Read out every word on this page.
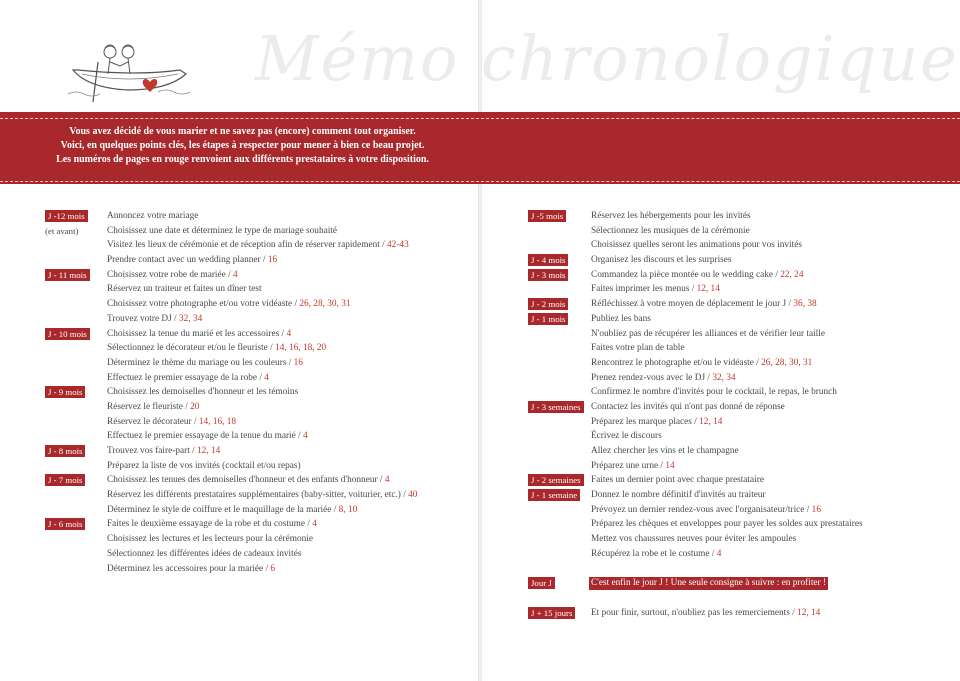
Mémo chronologique
Vous avez décidé de vous marier et ne savez pas (encore) comment tout organiser.
Voici, en quelques points clés, les étapes à respecter pour mener à bien ce beau projet.
Les numéros de pages en rouge renvoient aux différents prestataires à votre disposition.
J -12 mois	Annoncez votre mariage
(et avant)	Choisissez une date et déterminez le type de mariage souhaité
Visitez les lieux de cérémonie et de réception afin de réserver rapidement / 42-43
Prendre contact avec un wedding planner / 16
J - 11 mois	Choisissez votre robe de mariée / 4
Réservez un traiteur et faites un dîner test
Choisissez votre photographe et/ou votre vidéaste / 26, 28, 30, 31
Trouvez votre DJ / 32, 34
J - 10 mois	Choisissez la tenue du marié et les accessoires / 4
Sélectionnez le décorateur et/ou le fleuriste / 14, 16, 18, 20
Déterminez le thème du mariage ou les couleurs / 16
Effectuez le premier essayage de la robe / 4
J - 9 mois	Choisissez les demoiselles d'honneur et les témoins
Réservez le fleuriste / 20
Réservez le décorateur / 14, 16, 18
Effectuez le premier essayage de la tenue du marié / 4
J - 8 mois	Trouvez vos faire-part / 12, 14
Préparez la liste de vos invités (cocktail et/ou repas)
J - 7 mois	Choisissez les tenues des demoiselles d'honneur et des enfants d'honneur / 4
Réservez les différents prestataires supplémentaires (baby-sitter, voiturier, etc.) / 40
Déterminez le style de coiffure et le maquillage de la mariée / 8, 10
J - 6 mois	Faites le deuxième essayage de la robe et du costume / 4
Choisissez les lectures et les lecteurs pour la cérémonie
Sélectionnez les différentes idées de cadeaux invités
Déterminez les accessoires pour la mariée / 6
J -5 mois	Réservez les hébergements pour les invités
Sélectionnez les musiques de la cérémonie
Choisissez quelles seront les animations pour vos invités
J - 4 mois	Organisez les discours et les surprises
J - 3 mois	Commandez la pièce montée ou le wedding cake / 22, 24
Faites imprimer les menus / 12, 14
J - 2 mois	Réfléchissez à votre moyen de déplacement le jour J / 36, 38
J - 1 mois	Publiez les bans
N'oubliez pas de récupérer les alliances et de vérifier leur taille
Faites votre plan de table
Rencontrez le photographe et/ou le vidéaste / 26, 28, 30, 31
Prenez rendez-vous avec le DJ / 32, 34
Confirmez le nombre d'invités pour le cocktail, le repas, le brunch
J - 3 semaines	Contactez les invités qui n'ont pas donné de réponse
Préparez les marque places / 12, 14
Écrivez le discours
Allez chercher les vins et le champagne
Préparez une urne / 14
J - 2 semaines	Faites un dernier point avec chaque prestataire
J - 1 semaine	Donnez le nombre définitif d'invités au traiteur
Prévoyez un dernier rendez-vous avec l'organisateur/trice / 16
Préparez les chèques et enveloppes pour payer les soldes aux prestataires
Mettez vos chaussures neuves pour éviter les ampoules
Récupérez la robe et le costume / 4
Jour J	C'est enfin le jour J ! Une seule consigne à suivre : en profiter !
J + 15 jours	Et pour finir, surtout, n'oubliez pas les remerciements / 12, 14
